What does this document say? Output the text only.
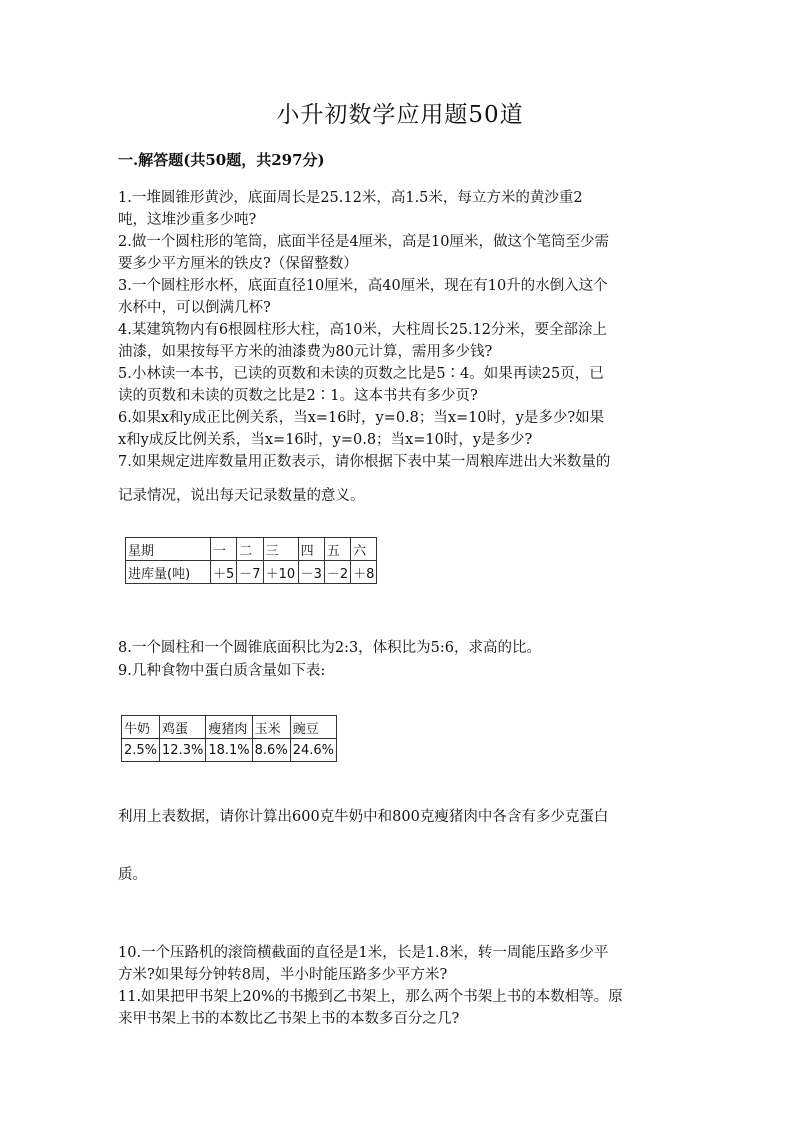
小升初数学应用题50道
一.解答题(共50题，共297分)
1.一堆圆锥形黄沙，底面周长是25.12米，高1.5米，每立方米的黄沙重2
吨，这堆沙重多少吨?
2.做一个圆柱形的笔筒，底面半径是4厘米，高是10厘米，做这个笔筒至少需
要多少平方厘米的铁皮?（保留整数）
3.一个圆柱形水杯，底面直径10厘米，高40厘米，现在有10升的水倒入这个
水杯中，可以倒满几杯?
4.某建筑物内有6根圆柱形大柱，高10米，大柱周长25.12分米，要全部涂上
油漆，如果按每平方米的油漆费为80元计算，需用多少钱?
5.小林读一本书，已读的页数和未读的页数之比是5∶4。如果再读25页，已
读的页数和未读的页数之比是2∶1。这本书共有多少页?
6.如果x和y成正比例关系，当x=16时，y=0.8；当x=10时，y是多少?如果
x和y成反比例关系，当x=16时，y=0.8；当x=10时，y是多少?
7.如果规定进库数量用正数表示，请你根据下表中某一周粮库进出大米数量的
记录情况，说出每天记录数量的意义。
星期	一	二	三	四	五	六
进库量(吨)	＋5	－7	＋10	－3	－2	＋8
8.一个圆柱和一个圆锥底面积比为2:3，体积比为5:6，求高的比。
9.几种食物中蛋白质含量如下表:
牛奶	鸡蛋	瘦猪肉	玉米	豌豆
2.5%	12.3%	18.1%	8.6%	24.6%
利用上表数据，请你计算出600克牛奶中和800克瘦猪肉中各含有多少克蛋白
质。
10.一个压路机的滚筒横截面的直径是1米，长是1.8米，转一周能压路多少平
方米?如果每分钟转8周，半小时能压路多少平方米?
11.如果把甲书架上20%的书搬到乙书架上，那么两个书架上书的本数相等。原
来甲书架上书的本数比乙书架上书的本数多百分之几?
